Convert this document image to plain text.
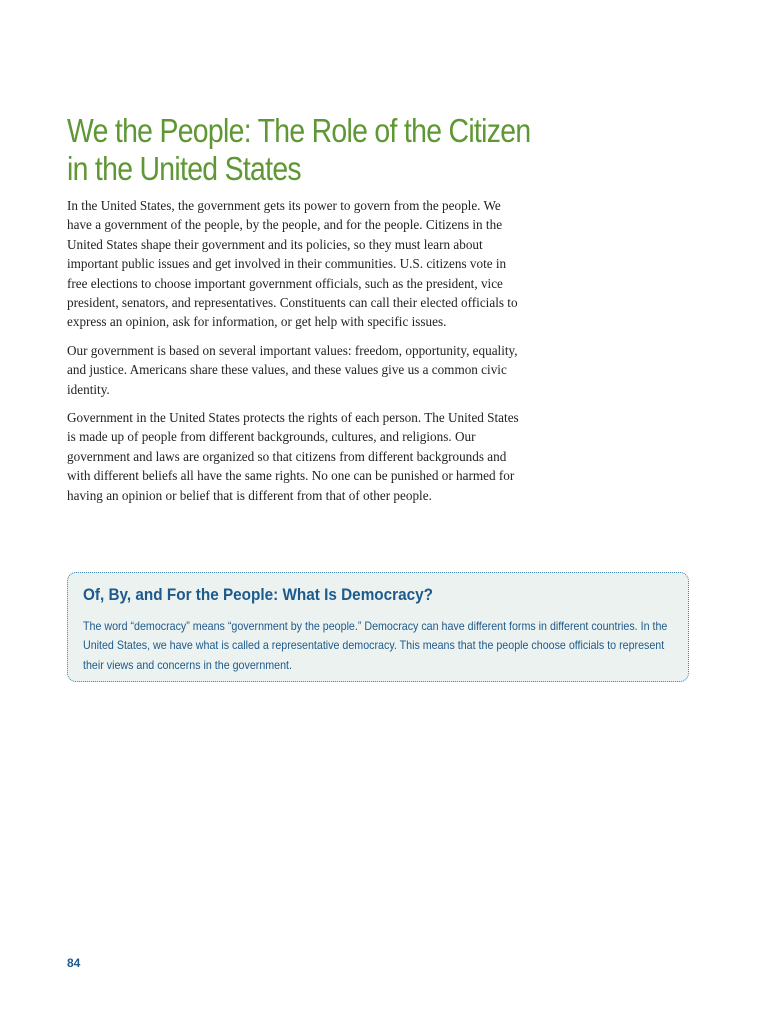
We the People: The Role of the Citizen in the United States

In the United States, the government gets its power to govern from the people. We have a government of the people, by the people, and for the people. Citizens in the United States shape their government and its policies, so they must learn about important public issues and get involved in their communities. U.S. citizens vote in free elections to choose important government officials, such as the president, vice president, senators, and representatives. Constituents can call their elected officials to express an opinion, ask for information, or get help with specific issues.

Our government is based on several important values: freedom, opportunity, equality, and justice. Americans share these values, and these values give us a common civic identity.

Government in the United States protects the rights of each person. The United States is made up of people from different backgrounds, cultures, and religions. Our government and laws are organized so that citizens from different backgrounds and with different beliefs all have the same rights. No one can be punished or harmed for having an opinion or belief that is different from that of other people.

Of, By, and For the People: What Is Democracy?
The word “democracy” means “government by the people.” Democracy can have different forms in different countries. In the United States, we have what is called a representative democracy. This means that the people choose officials to represent their views and concerns in the government.
84
